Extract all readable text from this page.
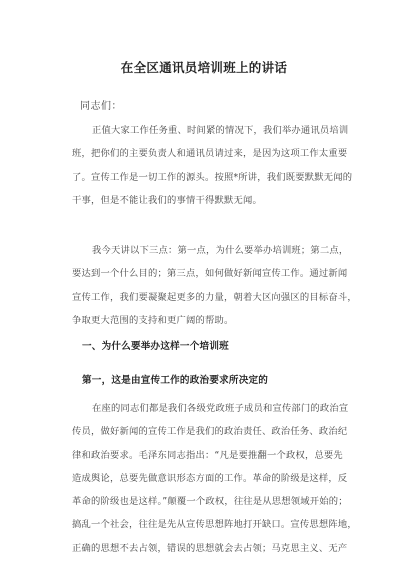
在全区通讯员培训班上的讲话
同志们：
正值大家工作任务重、时间紧的情况下，我们举办通讯员培训
班，把你们的主要负责人和通讯员请过来，是因为这项工作太重要
了。宣传工作是一切工作的源头。按照*所讲，我们既要默默无闻的
干事，但是不能让我们的事情干得默默无闻。
我今天讲以下三点：第一点，为什么要举办培训班；第二点，
要达到一个什么目的；第三点，如何做好新闻宣传工作。通过新闻
宣传工作，我们要凝聚起更多的力量，朝着大区向强区的目标奋斗，
争取更大范围的支持和更广阔的帮助。
一、为什么要举办这样一个培训班
第一，这是由宣传工作的政治要求所决定的
在座的同志们都是我们各级党政班子成员和宣传部门的政治宣
传员，做好新闻的宣传工作是我们的政治责任、政治任务、政治纪
律和政治要求。毛泽东同志指出：“凡是要推翻一个政权，总要先
造成舆论，总要先做意识形态方面的工作。革命的阶级是这样，反
革命的阶级也是这样。”颠覆一个政权，往往是从思想领域开始的；
搞乱一个社会，往往是先从宣传思想阵地打开缺口。宣传思想阵地，
正确的思想不去占领，错误的思想就会去占领；马克思主义、无产
